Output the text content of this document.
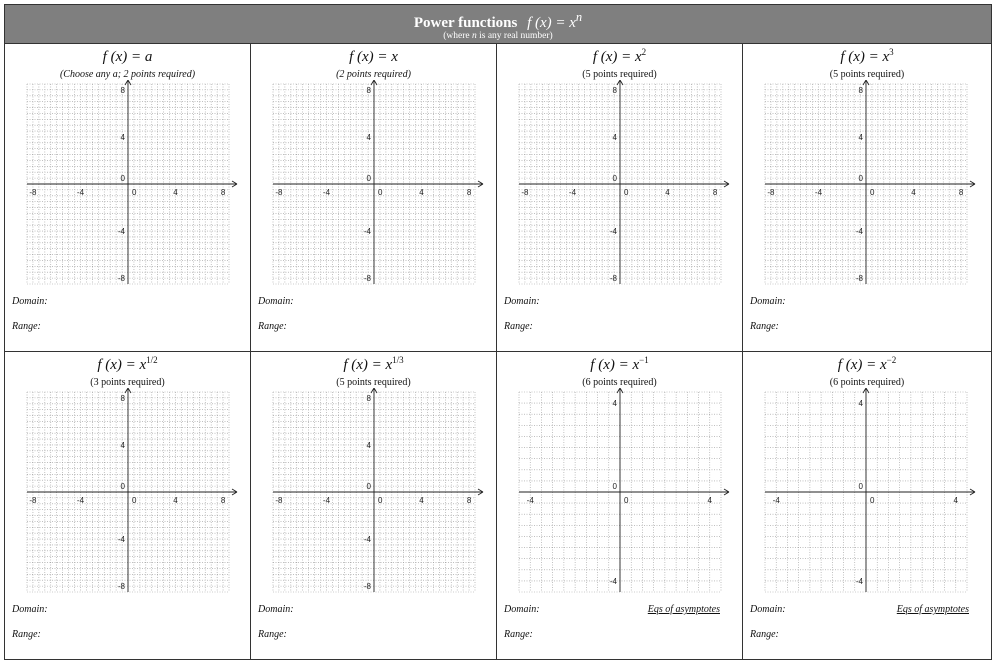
Power functions f $(x) = x^n$
(where n is any real number)
f (x) = a
(Choose any a; 2 points required)
-8	-4	0	4	8
8
4
0
-4
-8
Domain:
Range:
f (x) = x
(2 points required)
-8	-4	0	4	8
8
4
0
-4
-8
Domain:
Range:
f $(x) = x^2$
(5 points required)
-8	-4	0	4	8
8
4
0
-4
-8
Domain:
Range:
f $(x) = x^3$
(5 points required)
-8	-4	0	4	8
8
4
0
-4
-8
Domain:
Range:
f $(x) = x^{1/2}$
(3 points required)
-8	-4	0	4	8
8
4
0
-4
-8
Domain:
Range:
f $(x) = x^{1/3}$
(5 points required)
-8	-4	0	4	8
8
4
0
-4
-8
Domain:
Range:
f $(x) = x^{-1}$
(6 points required)
-4	0	4
4
0
-4
Domain:	Eqs of asymptotes
Range:
f $(x) = x^{-2}$
(6 points required)
-4	0	4
4
0
-4
Domain:	Eqs of asymptotes
Range:
